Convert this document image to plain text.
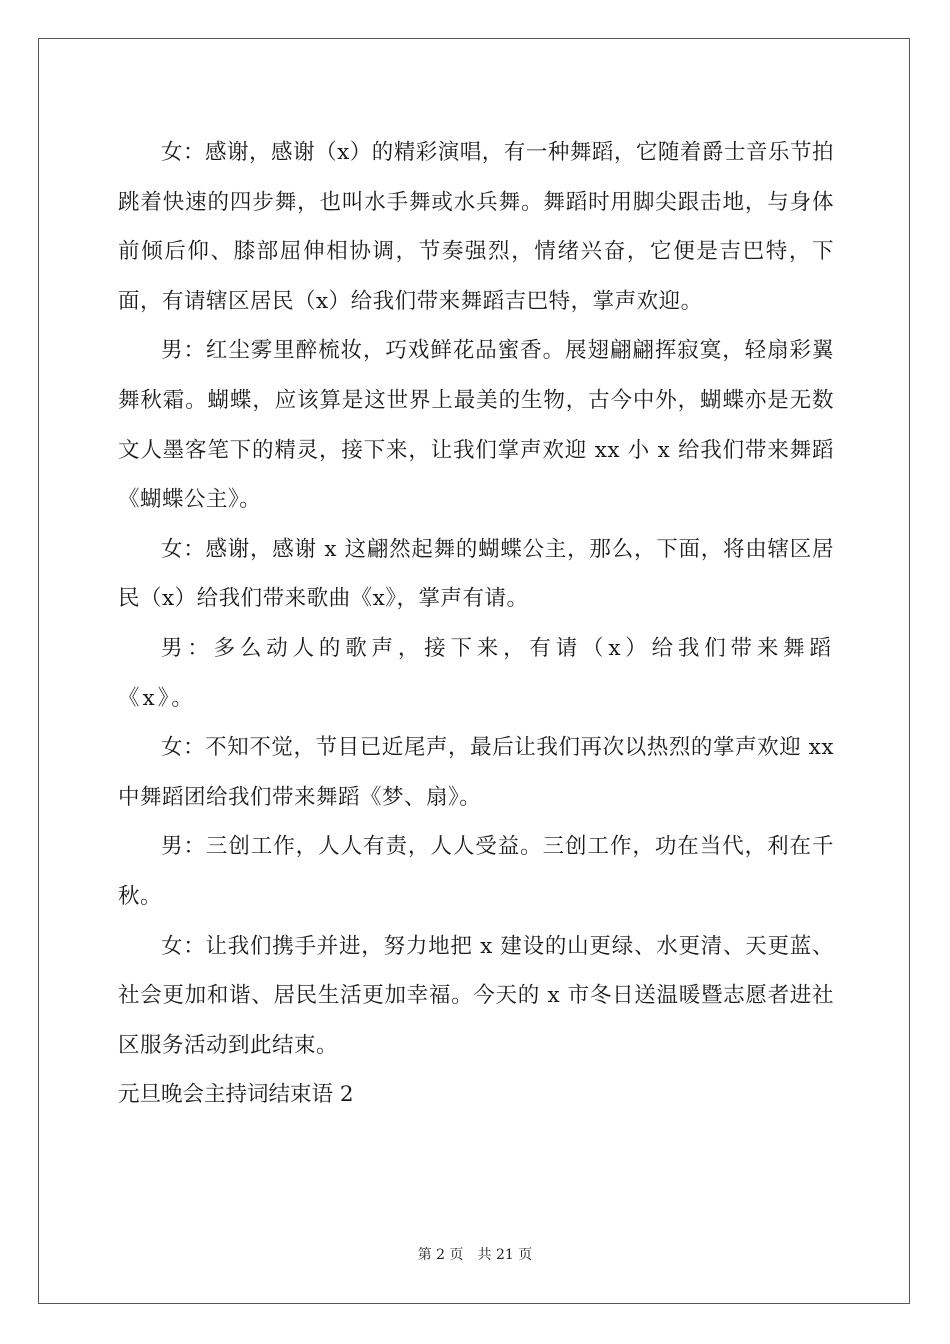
女：感谢，感谢（x）的精彩演唱，有一种舞蹈，它随着爵士音乐节拍跳着快速的四步舞，也叫水手舞或水兵舞。舞蹈时用脚尖跟击地，与身体前倾后仰、膝部屈伸相协调，节奏强烈，情绪兴奋，它便是吉巴特，下面，有请辖区居民（x）给我们带来舞蹈吉巴特，掌声欢迎。

男：红尘雾里醉梳妆，巧戏鲜花品蜜香。展翅翩翩挥寂寞，轻扇彩翼舞秋霜。蝴蝶，应该算是这世界上最美的生物，古今中外，蝴蝶亦是无数文人墨客笔下的精灵，接下来，让我们掌声欢迎 xx 小 x 给我们带来舞蹈《蝴蝶公主》。

女：感谢，感谢 x 这翩然起舞的蝴蝶公主，那么，下面，将由辖区居民（x）给我们带来歌曲《x》，掌声有请。

男：多么动人的歌声，接下来，有请（x）给我们带来舞蹈《x》。

女：不知不觉，节目已近尾声，最后让我们再次以热烈的掌声欢迎 xx 中舞蹈团给我们带来舞蹈《梦、扇》。

男：三创工作，人人有责，人人受益。三创工作，功在当代，利在千秋。

女：让我们携手并进，努力地把 x 建设的山更绿、水更清、天更蓝、社会更加和谐、居民生活更加幸福。今天的 x 市冬日送温暖暨志愿者进社区服务活动到此结束。

元旦晚会主持词结束语 2

第 2 页 共 21 页
